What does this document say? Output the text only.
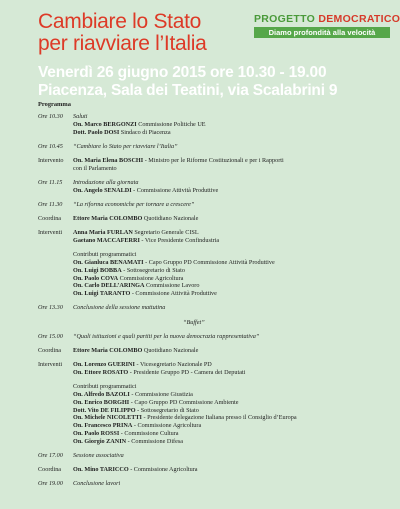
Cambiare lo Stato
per riavviare l’Italia
PROGETTO DEMOCRATICO
Diamo profondità alla velocità
Venerdì 26 giugno 2015 ore 10.30 - 19.00
Piacenza, Sala dei Teatini, via Scalabrini 9
Programma
Ore 10.30	Saluti
On. Marco BERGONZI Commissione Politiche UE
Dott. Paolo DOSI Sindaco di Piacenza
Ore 10.45	“Cambiare lo Stato per riavviare l’Italia”
Intervento	On. Maria Elena BOSCHI - Ministro per le Riforme Costituzionali e per i Rapporti
con il Parlamento
Ore 11.15	Introduzione alla giornata
On. Angelo SENALDI - Commissione Attività Produttive
Ore 11.30	“La riforma economiche per tornare a crescere”
Coordina	Ettore Maria COLOMBO Quotidiano Nazionale
Interventi	Anna Maria FURLAN Segretario Generale CISL
Gaetano MACCAFERRI - Vice Presidente Confindustria
Contributi programmatici
On. Gianluca BENAMATI - Capo Gruppo PD Commissione Attività Produttive
On. Luigi BOBBA - Sottosegretario di Stato
On. Paolo COVA Commissione Agricoltura
On. Carlo DELL’ARINGA Commissione Lavoro
On. Luigi TARANTO - Commissione Attività Produttive
Ore 13.30	Conclusione della sessione mattutina
“Buffet”
Ore 15.00	“Quali istituzioni e quali partiti per la nuova democrazia rappresentativa”
Coordina	Ettore Maria COLOMBO Quotidiano Nazionale
Interventi	On. Lorenzo GUERINI - Vicesegretario Nazionale PD
On. Ettore ROSATO - Presidente Gruppo PD - Camera dei Deputati
Contributi programmatici
On. Alfredo BAZOLI - Commissione Giustizia
On. Enrico BORGHI - Capo Gruppo PD Commissione Ambiente
Dott. Vito DE FILIPPO - Sottosegretario di Stato
On. Michele NICOLETTI - Presidente delegazione Italiana presso il Consiglio d’Europa
On. Francesco PRINA - Commissione Agricoltura
On. Paolo ROSSI - Commissione Cultura
On. Giorgio ZANIN - Commissione Difesa
Ore 17.00	Sessione associativa
Coordina	On. Mino TARICCO - Commissione Agricoltura
Ore 19.00	Conclusione lavori
